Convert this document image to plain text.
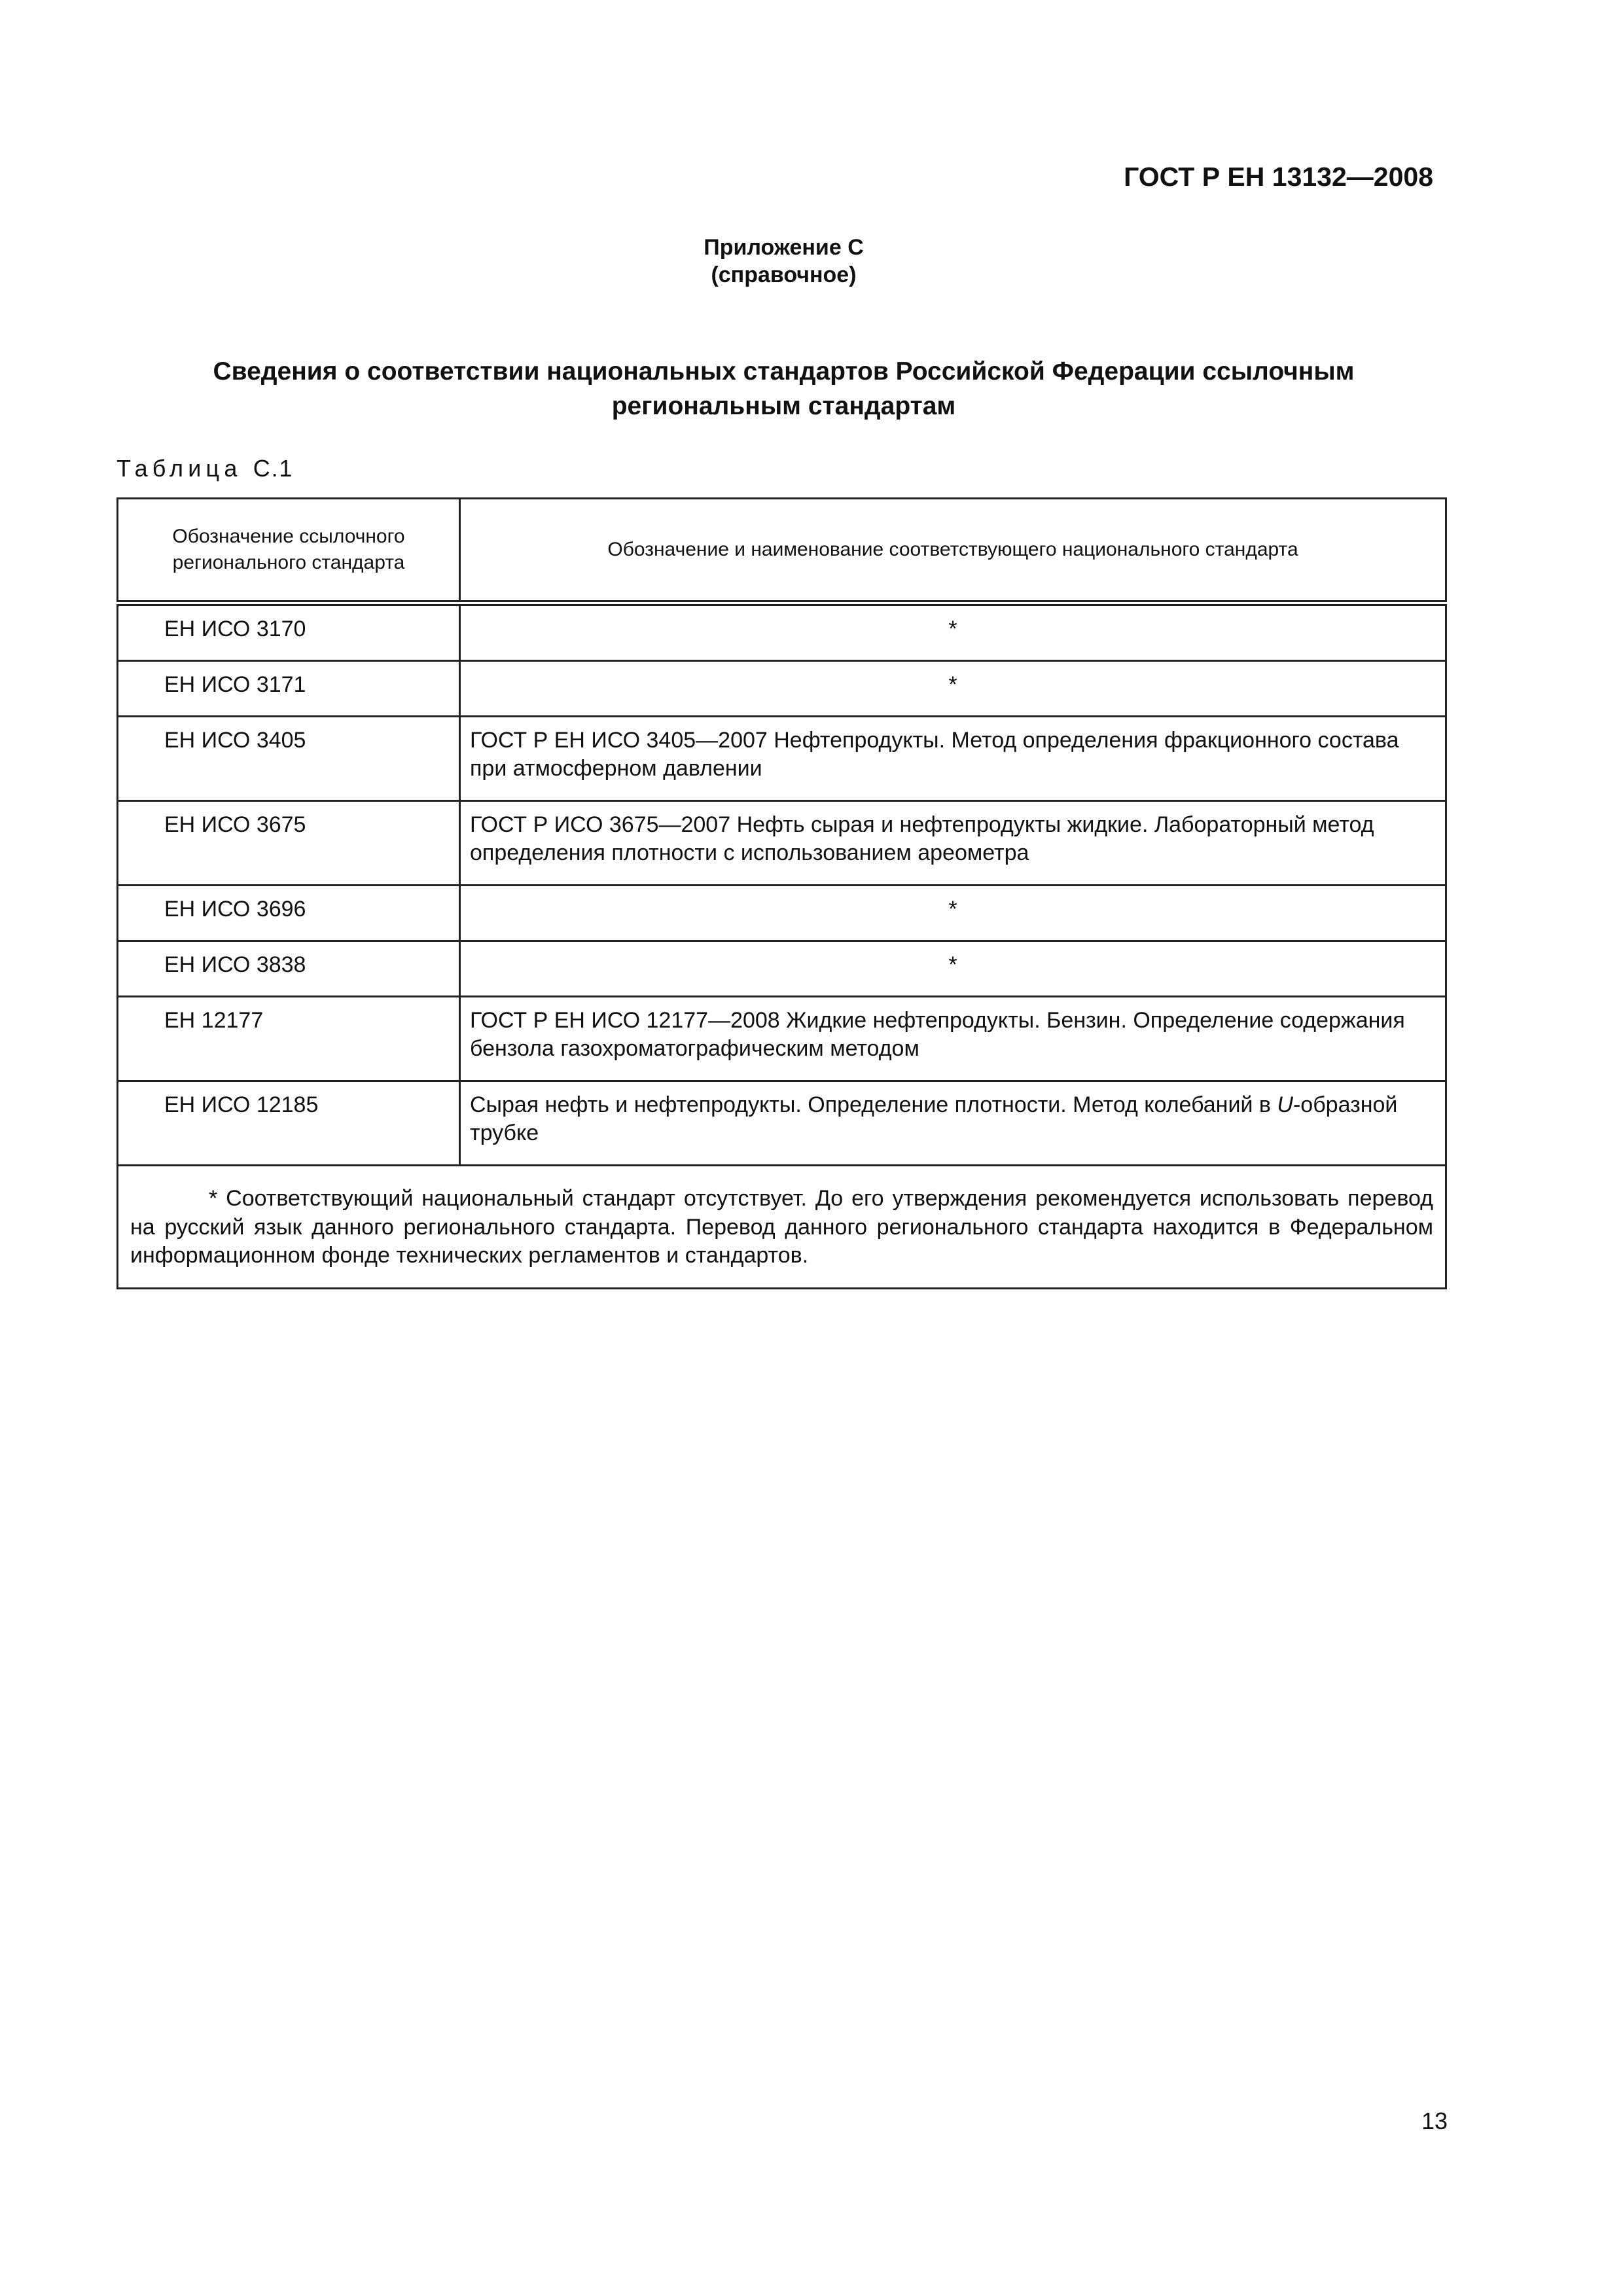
ГОСТ Р ЕН 13132—2008
Приложение С
(справочное)
Сведения о соответствии национальных стандартов Российской Федерации ссылочным
региональным стандартам
Таблица С.1
Обозначение ссылочного регионального стандарта	Обозначение и наименование соответствующего национального стандарта
ЕН ИСО 3170	*
ЕН ИСО 3171	*
ЕН ИСО 3405	ГОСТ Р ЕН ИСО 3405—2007 Нефтепродукты. Метод определения фракционного состава при атмосферном давлении
ЕН ИСО 3675	ГОСТ Р ИСО 3675—2007 Нефть сырая и нефтепродукты жидкие. Лабораторный метод определения плотности с использованием ареометра
ЕН ИСО 3696	*
ЕН ИСО 3838	*
ЕН 12177	ГОСТ Р ЕН ИСО 12177—2008 Жидкие нефтепродукты. Бензин. Определение содержания бензола газохроматографическим методом
ЕН ИСО 12185	Сырая нефть и нефтепродукты. Определение плотности. Метод колебаний в U-образной трубке
* Соответствующий национальный стандарт отсутствует. До его утверждения рекомендуется использовать перевод на русский язык данного регионального стандарта. Перевод данного регионального стандарта находится в Федеральном информационном фонде технических регламентов и стандартов.	
13
